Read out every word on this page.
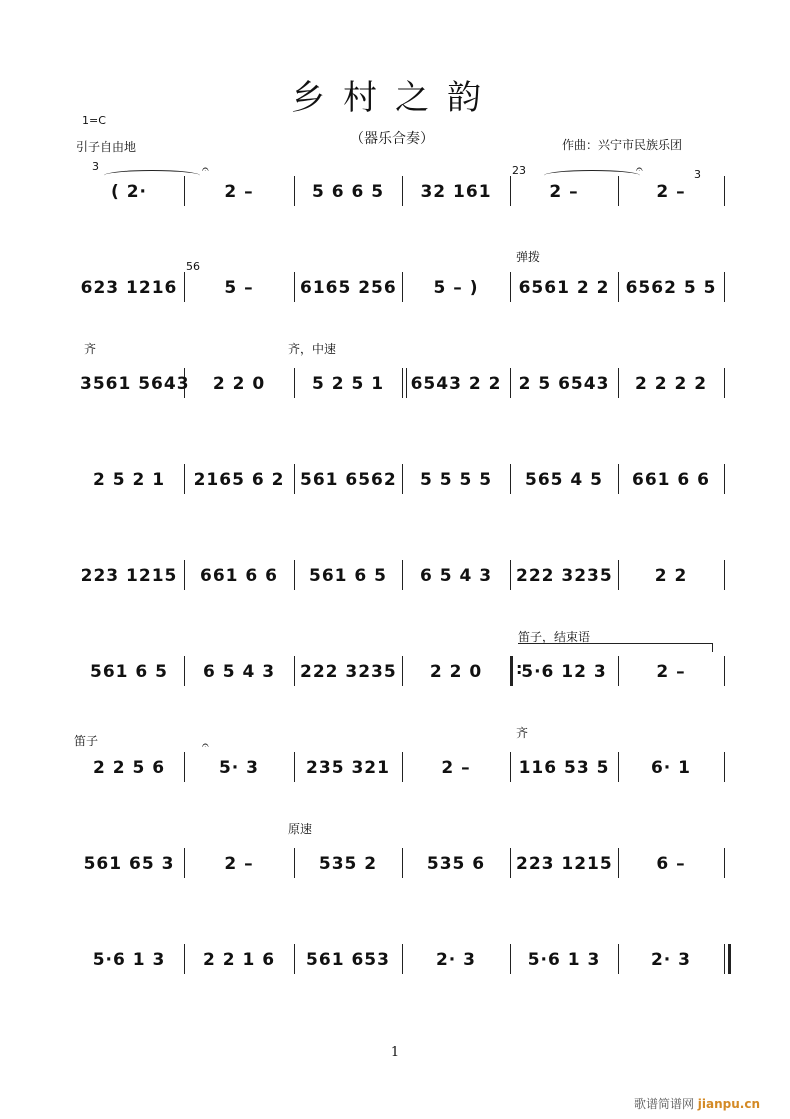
乡村之韵
1=C
（器乐合奏）	作曲：兴宁市民族乐团
引子自由地
弹拨
齐	齐，中速
笛子，结束语
笛子
齐
原速
3	23
56
3
𝄐	𝄐
𝄐
( 2·	2 –	5 6 6 5	32 161	2 –	2 –
623 1216	5 –	6165 256	5 – )	6561 2 2 6562 5 5
3561 5643	2 2 0	5 2 5 1	6543 2 2 2 5 6543	2 2 2 2
2 5 2 1	2165 6 2 561 6562	5 5 5 5	565 4 5	661 6 6
223 1215	661 6 6	561 6 5	6 5 4 3	222 3235	2 2
:
561 6 5	6 5 4 3	222 3235	2 2 0	5·6 12 3	2 –
2 2 5 6	5· 3	235 321	2 –	116 53 5	6· 1
561 65 3	2 –	535 2	535 6	223 1215	6 –
5·6 1 3	2 2 1 6	561 653	2· 3	5·6 1 3	2· 3
1
歌谱简谱网 jianpu.cn
